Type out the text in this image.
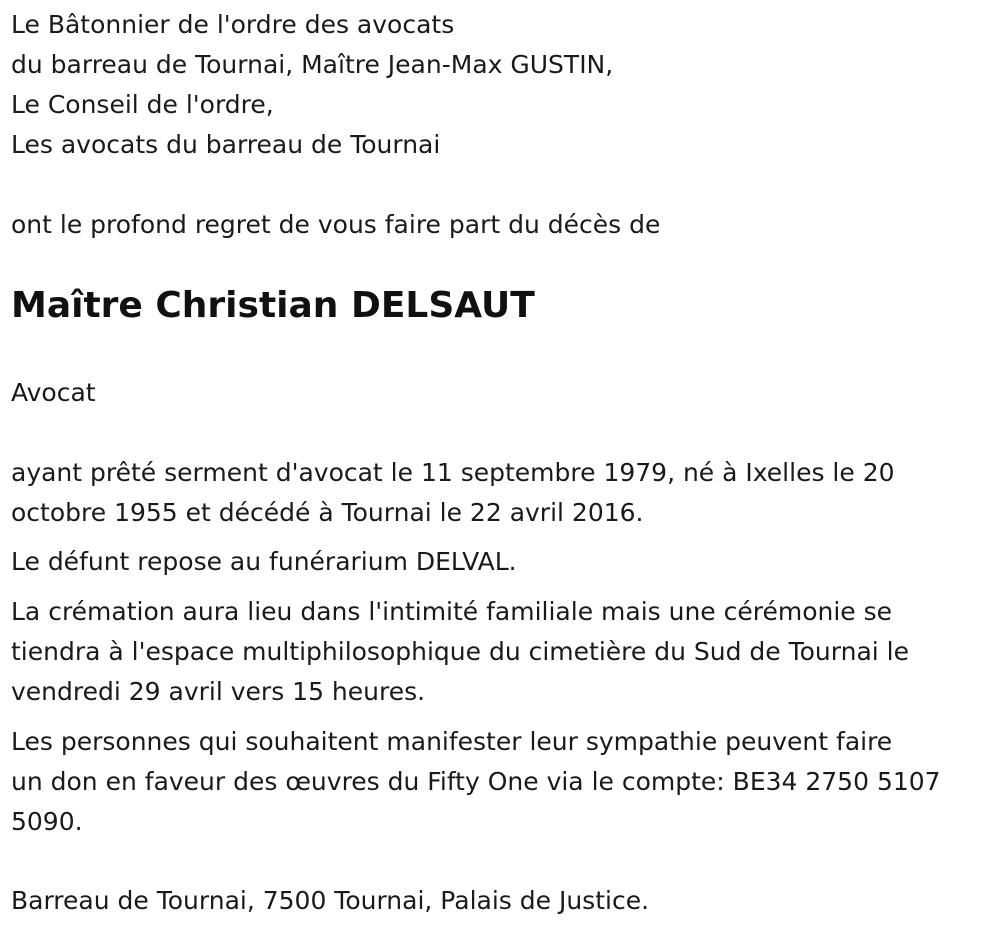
Le Bâtonnier de l'ordre des avocats

du barreau de Tournai, Maître Jean-Max GUSTIN,

Le Conseil de l'ordre,

Les avocats du barreau de Tournai

ont le profond regret de vous faire part du décès de

Maître Christian DELSAUT

Avocat

ayant prêté serment d'avocat le 11 septembre 1979, né à Ixelles le 20
octobre 1955 et décédé à Tournai le 22 avril 2016.
Le défunt repose au funérarium DELVAL.
La crémation aura lieu dans l'intimité familiale mais une cérémonie se
tiendra à l'espace multiphilosophique du cimetière du Sud de Tournai le
vendredi 29 avril vers 15 heures.
Les personnes qui souhaitent manifester leur sympathie peuvent faire
un don en faveur des œuvres du Fifty One via le compte: BE34 2750 5107
5090.

Barreau de Tournai, 7500 Tournai, Palais de Justice.
